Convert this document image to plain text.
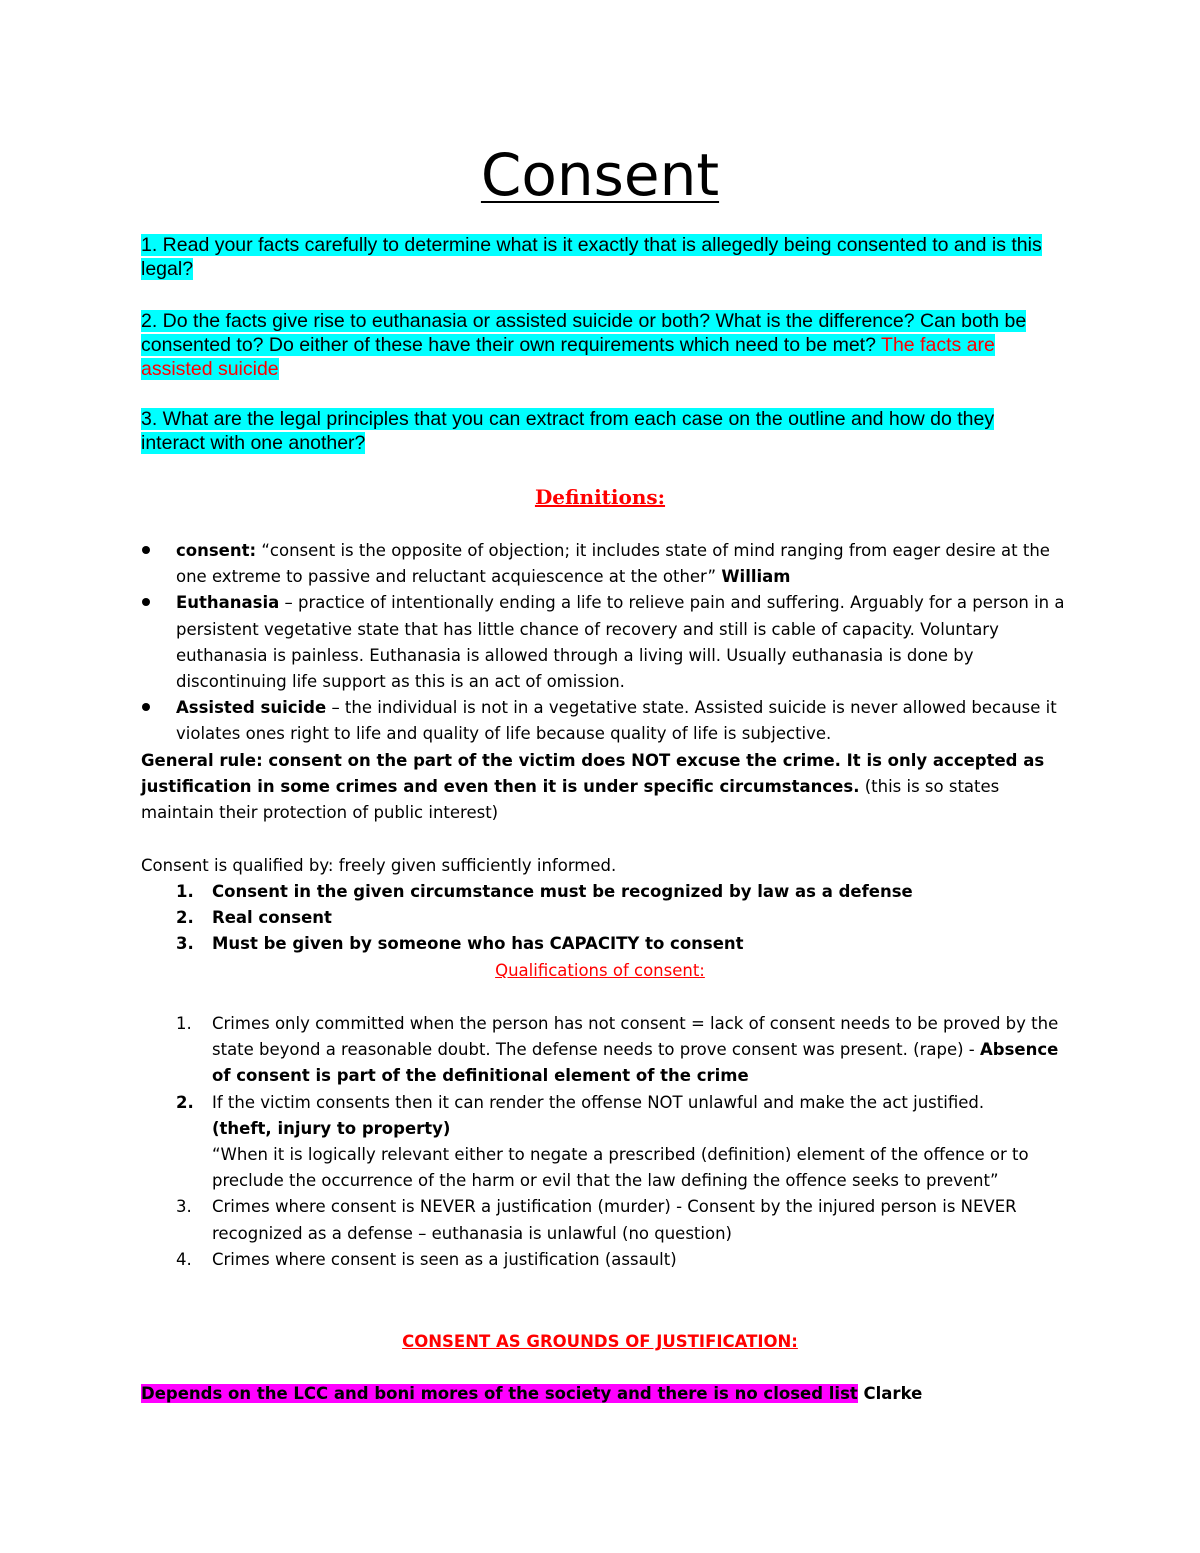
Consent
1. Read your facts carefully to determine what is it exactly that is allegedly being consented to and is this legal?
2. Do the facts give rise to euthanasia or assisted suicide or both? What is the difference? Can both be consented to? Do either of these have their own requirements which need to be met? The facts are assisted suicide
3. What are the legal principles that you can extract from each case on the outline and how do they interact with one another?
Definitions:
consent: “consent is the opposite of objection; it includes state of mind ranging from eager desire at the one extreme to passive and reluctant acquiescence at the other” William
Euthanasia – practice of intentionally ending a life to relieve pain and suffering. Arguably for a person in a persistent vegetative state that has little chance of recovery and still is cable of capacity. Voluntary euthanasia is painless. Euthanasia is allowed through a living will. Usually euthanasia is done by discontinuing life support as this is an act of omission.
Assisted suicide – the individual is not in a vegetative state. Assisted suicide is never allowed because it violates ones right to life and quality of life because quality of life is subjective.
General rule: consent on the part of the victim does NOT excuse the crime. It is only accepted as justification in some crimes and even then it is under specific circumstances. (this is so states maintain their protection of public interest)
Consent is qualified by: freely given sufficiently informed.
1. Consent in the given circumstance must be recognized by law as a defense
2. Real consent
3. Must be given by someone who has CAPACITY to consent
Qualifications of consent:
1. Crimes only committed when the person has not consent = lack of consent needs to be proved by the state beyond a reasonable doubt. The defense needs to prove consent was present. (rape) - Absence of consent is part of the definitional element of the crime
2. If the victim consents then it can render the offense NOT unlawful and make the act justified.
(theft, injury to property)
“When it is logically relevant either to negate a prescribed (definition) element of the offence or to preclude the occurrence of the harm or evil that the law defining the offence seeks to prevent”
3. Crimes where consent is NEVER a justification (murder) - Consent by the injured person is NEVER recognized as a defense – euthanasia is unlawful (no question)
4. Crimes where consent is seen as a justification (assault)
CONSENT AS GROUNDS OF JUSTIFICATION:
Depends on the LCC and boni mores of the society and there is no closed list Clarke
